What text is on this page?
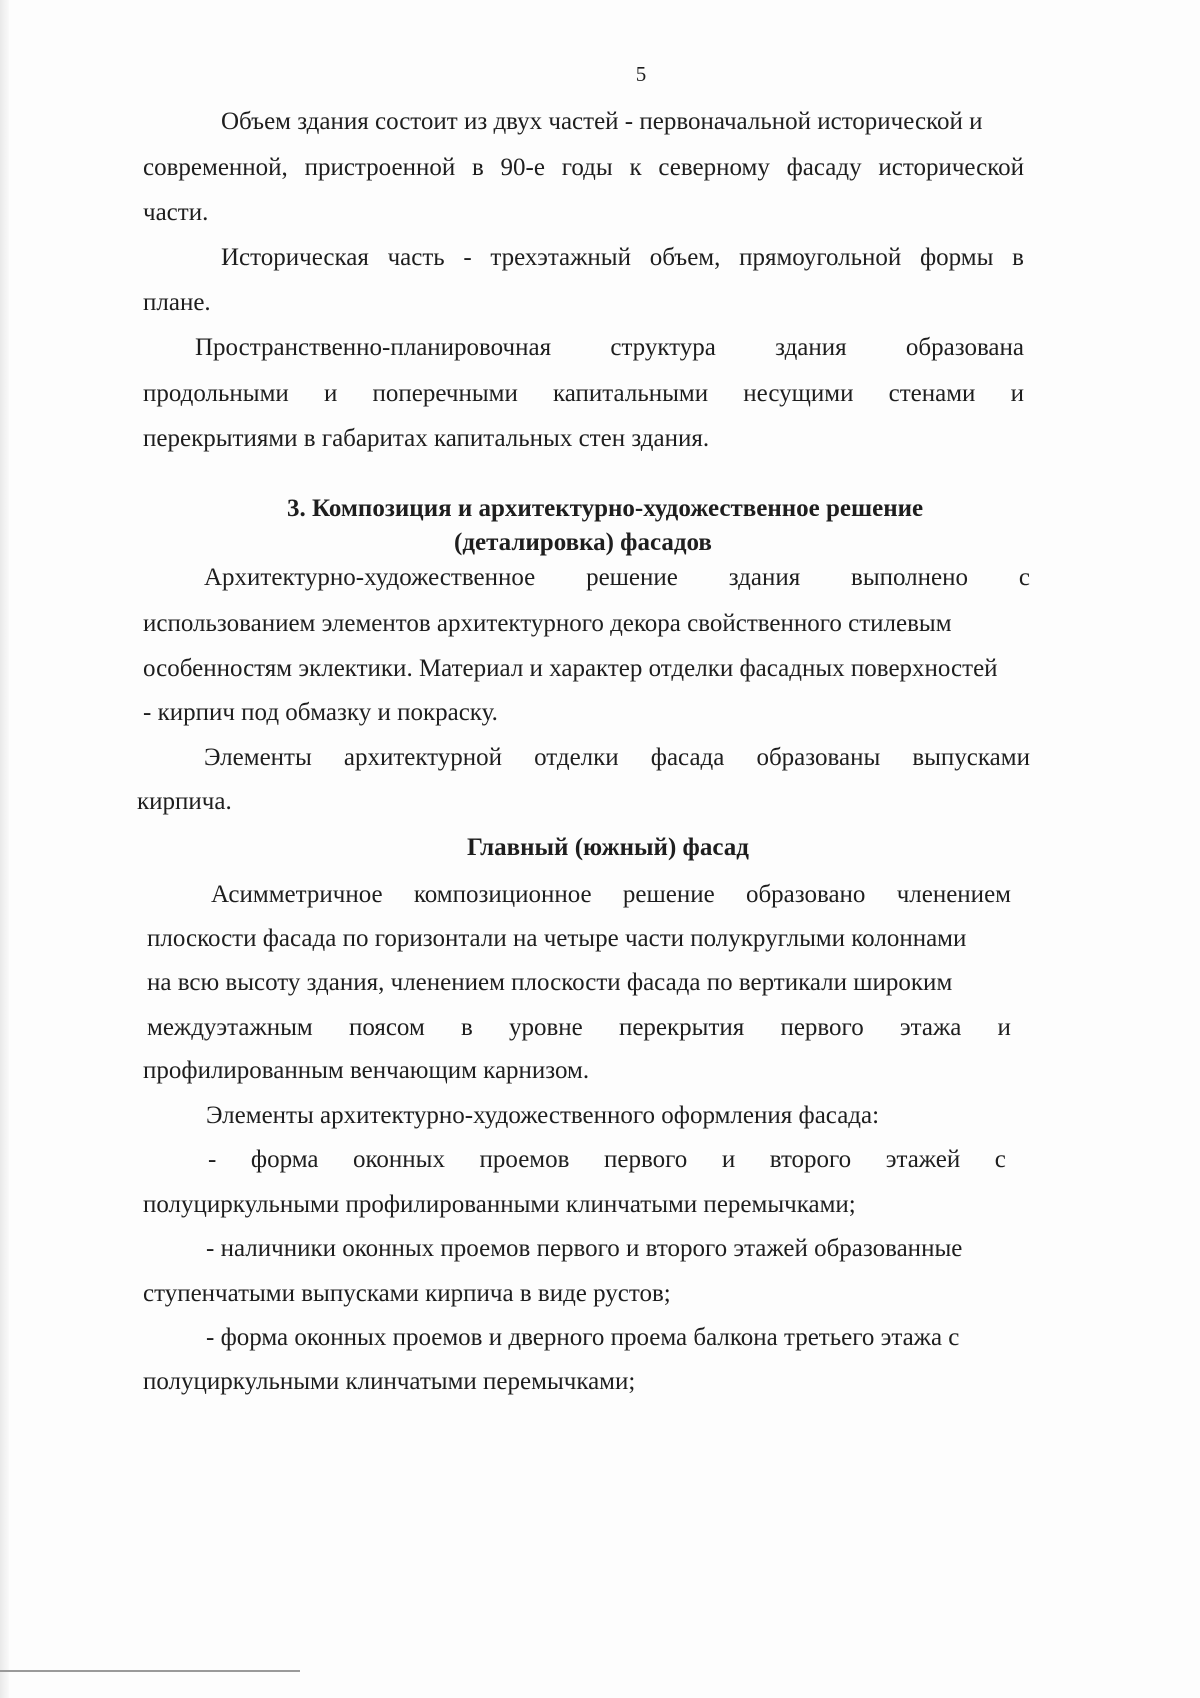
5
Объем здания состоит из двух частей - первоначальной исторической и
современной, пристроенной в 90-е годы к северному фасаду исторической
части.
Историческая часть - трехэтажный объем, прямоугольной формы в
плане.
Пространственно-планировочная структура здания образована
продольными и поперечными капитальными несущими стенами и
перекрытиями в габаритах капитальных стен здания.
3. Композиция и архитектурно-художественное решение
(деталировка) фасадов
Архитектурно-художественное решение здания выполнено с
использованием элементов архитектурного декора свойственного стилевым
особенностям эклектики. Материал и характер отделки фасадных поверхностей
- кирпич под обмазку и покраску.
Элементы архитектурной отделки фасада образованы выпусками
кирпича.
Главный (южный) фасад
Асимметричное композиционное решение образовано членением
плоскости фасада по горизонтали на четыре части полукруглыми колоннами
на всю высоту здания, членением плоскости фасада по вертикали широким
междуэтажным поясом в уровне перекрытия первого этажа и
профилированным венчающим карнизом.
Элементы архитектурно-художественного оформления фасада:
- форма оконных проемов первого и второго этажей с
полуциркульными профилированными клинчатыми перемычками;
- наличники оконных проемов первого и второго этажей образованные
ступенчатыми выпусками кирпича в виде рустов;
- форма оконных проемов и дверного проема балкона третьего этажа с
полуциркульными клинчатыми перемычками;
